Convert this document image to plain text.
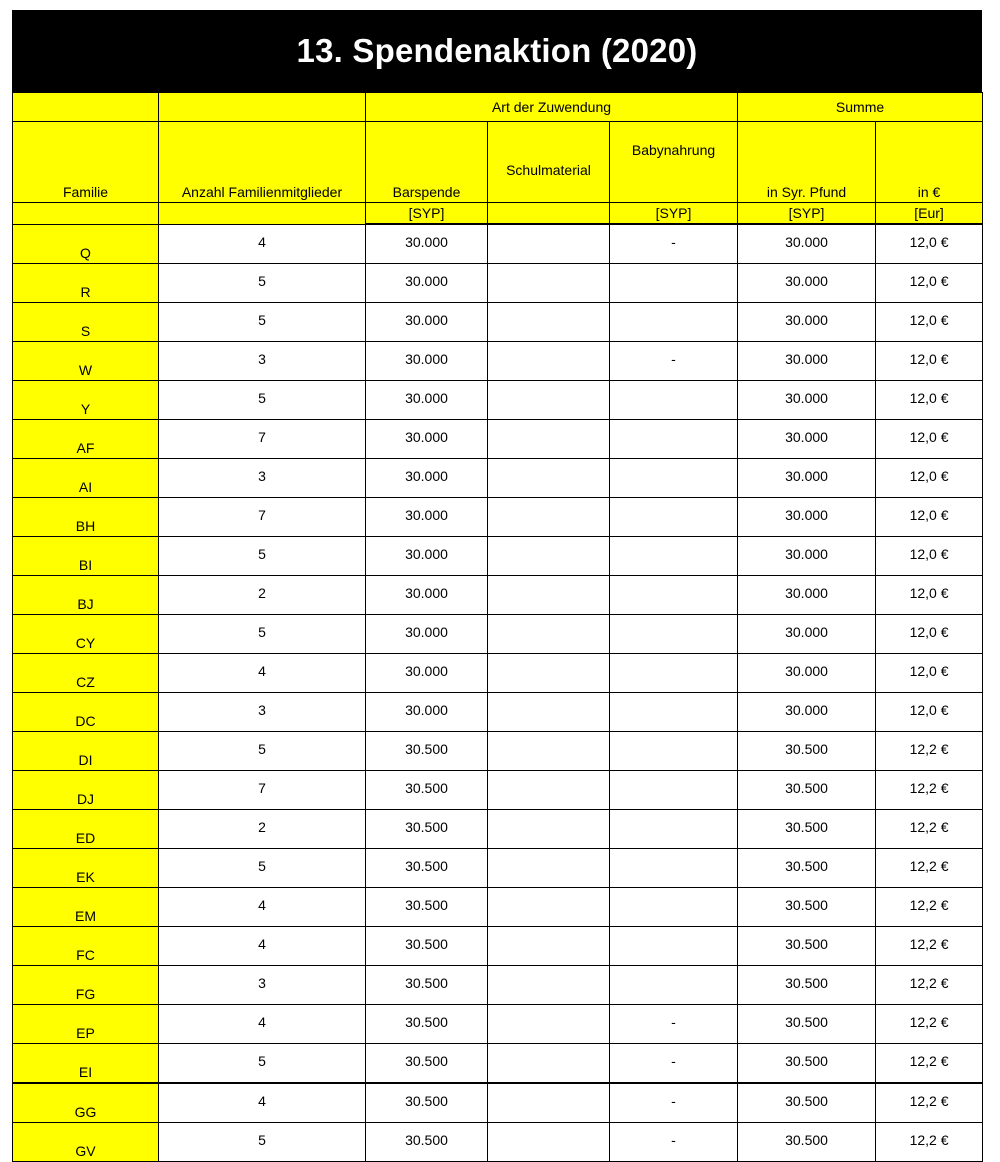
13. Spendenaktion (2020)
		Art der Zuwendung			Summe	
Familie	Anzahl Familienmitglieder	Barspende	Schulmaterial	Babynahrung	in Syr. Pfund	in €
		[SYP]		[SYP]	[SYP]	[Eur]
Q	4	30.000		-	30.000	12,0 €
R	5	30.000			30.000	12,0 €
S	5	30.000			30.000	12,0 €
W	3	30.000		-	30.000	12,0 €
Y	5	30.000			30.000	12,0 €
AF	7	30.000			30.000	12,0 €
AI	3	30.000			30.000	12,0 €
BH	7	30.000			30.000	12,0 €
BI	5	30.000			30.000	12,0 €
BJ	2	30.000			30.000	12,0 €
CY	5	30.000			30.000	12,0 €
CZ	4	30.000			30.000	12,0 €
DC	3	30.000			30.000	12,0 €
DI	5	30.500			30.500	12,2 €
DJ	7	30.500			30.500	12,2 €
ED	2	30.500			30.500	12,2 €
EK	5	30.500			30.500	12,2 €
EM	4	30.500			30.500	12,2 €
FC	4	30.500			30.500	12,2 €
FG	3	30.500			30.500	12,2 €
EP	4	30.500		-	30.500	12,2 €
EI	5	30.500		-	30.500	12,2 €
GG	4	30.500		-	30.500	12,2 €
GV	5	30.500		-	30.500	12,2 €
